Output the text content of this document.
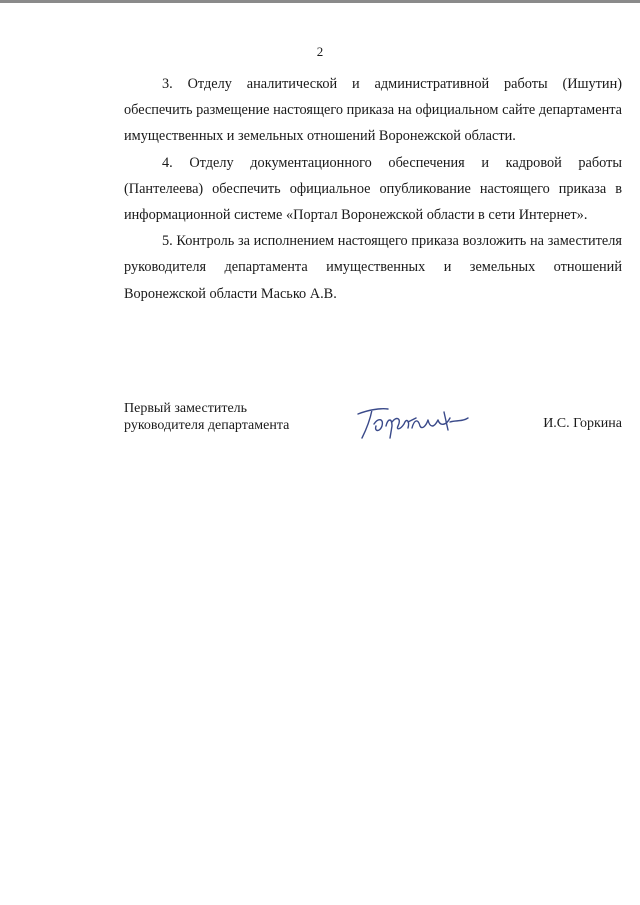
2

3. Отделу аналитической и административной работы (Ишутин) обеспечить размещение настоящего приказа на официальном сайте департамента имущественных и земельных отношений Воронежской области.

4. Отделу документационного обеспечения и кадровой работы (Пантелеева) обеспечить официальное опубликование настоящего приказа в информационной системе «Портал Воронежской области в сети Интернет».

5. Контроль за исполнением настоящего приказа возложить на заместителя руководителя департамента имущественных и земельных отношений Воронежской области Масько А.В.

Первый заместитель
руководителя департамента	И.С. Горкина
